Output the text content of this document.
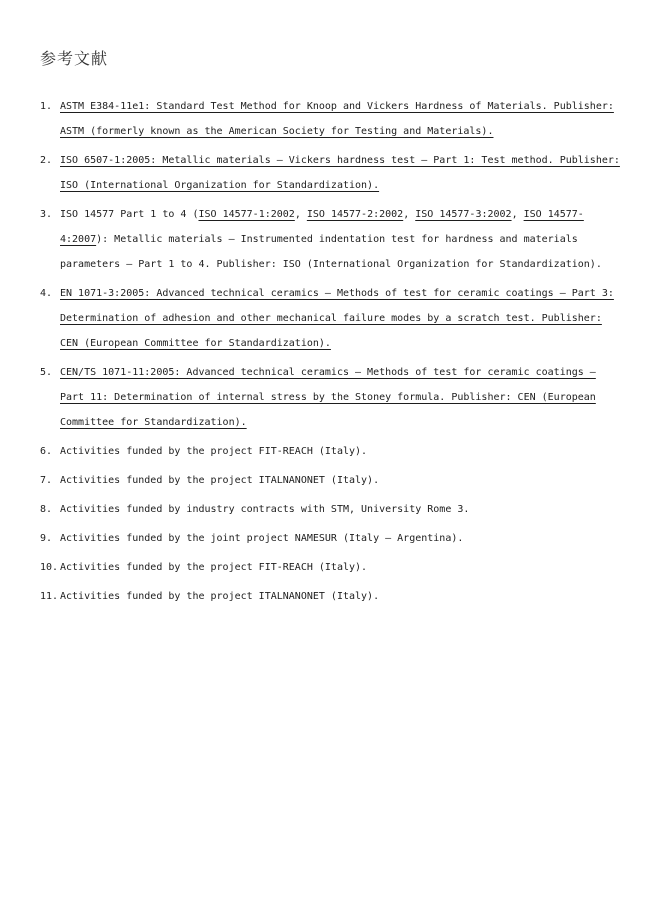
参考文献
1. ASTM E384-11e1: Standard Test Method for Knoop and Vickers Hardness of Materials. Publisher: ASTM (formerly known as the American Society for Testing and Materials).
2. ISO 6507-1:2005: Metallic materials – Vickers hardness test – Part 1: Test method. Publisher: ISO (International Organization for Standardization).
3. ISO 14577 Part 1 to 4 (ISO 14577-1:2002, ISO 14577-2:2002, ISO 14577-3:2002, ISO 14577-4:2007): Metallic materials – Instrumented indentation test for hardness and materials parameters – Part 1 to 4. Publisher: ISO (International Organization for Standardization).
4. EN 1071-3:2005: Advanced technical ceramics – Methods of test for ceramic coatings – Part 3: Determination of adhesion and other mechanical failure modes by a scratch test. Publisher: CEN (European Committee for Standardization).
5. CEN/TS 1071-11:2005: Advanced technical ceramics – Methods of test for ceramic coatings – Part 11: Determination of internal stress by the Stoney formula. Publisher: CEN (European Committee for Standardization).
6. Activities funded by the project FIT-REACH (Italy).
7. Activities funded by the project ITALNANONET (Italy).
8. Activities funded by industry contracts with STM, University Rome 3.
9. Activities funded by the joint project NAMESUR (Italy – Argentina).
10. Activities funded by the project FIT-REACH (Italy).
11. Activities funded by the project ITALNANONET (Italy).
